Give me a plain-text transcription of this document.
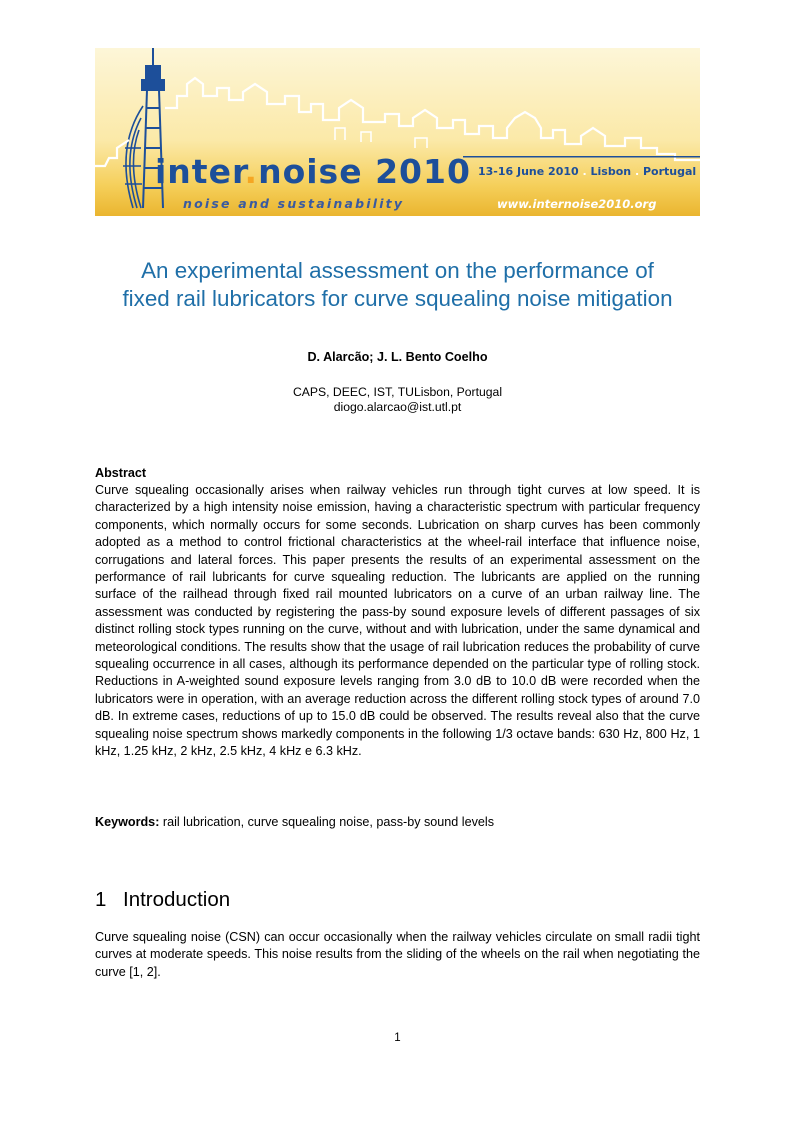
inter.noise 2010 13-16 June 2010 . Lisbon . Portugal
noise and sustainability	www.internoise2010.org
An experimental assessment on the performance of
fixed rail lubricators for curve squealing noise mitigation
D. Alarcão; J. L. Bento Coelho
CAPS, DEEC, IST, TULisbon, Portugal
diogo.alarcao@ist.utl.pt
Abstract
Curve squealing occasionally arises when railway vehicles run through tight curves at low speed. It is characterized by a high intensity noise emission, having a characteristic spectrum with particular frequency components, which normally occurs for some seconds. Lubrication on sharp curves has been commonly adopted as a method to control frictional characteristics at the wheel-rail interface that influence noise, corrugations and lateral forces. This paper presents the results of an experimental assessment on the performance of rail lubricants for curve squealing reduction. The lubricants are applied on the running surface of the railhead through fixed rail mounted lubricators on a curve of an urban railway line. The assessment was conducted by registering the pass-by sound exposure levels of different passages of six distinct rolling stock types running on the curve, without and with lubrication, under the same dynamical and meteorological conditions. The results show that the usage of rail lubrication reduces the probability of curve squealing occurrence in all cases, although its performance depended on the particular type of rolling stock. Reductions in A-weighted sound exposure levels ranging from 3.0 dB to 10.0 dB were recorded when the lubricators were in operation, with an average reduction across the different rolling stock types of around 7.0 dB. In extreme cases, reductions of up to 15.0 dB could be observed. The results reveal also that the curve squealing noise spectrum shows markedly components in the following 1/3 octave bands: 630 Hz, 800 Hz, 1 kHz, 1.25 kHz, 2 kHz, 2.5 kHz, 4 kHz e 6.3 kHz.
Keywords: rail lubrication, curve squealing noise, pass-by sound levels
1 Introduction
Curve squealing noise (CSN) can occur occasionally when the railway vehicles circulate on small radii tight curves at moderate speeds. This noise results from the sliding of the wheels on the rail when negotiating the curve [1, 2].
1
